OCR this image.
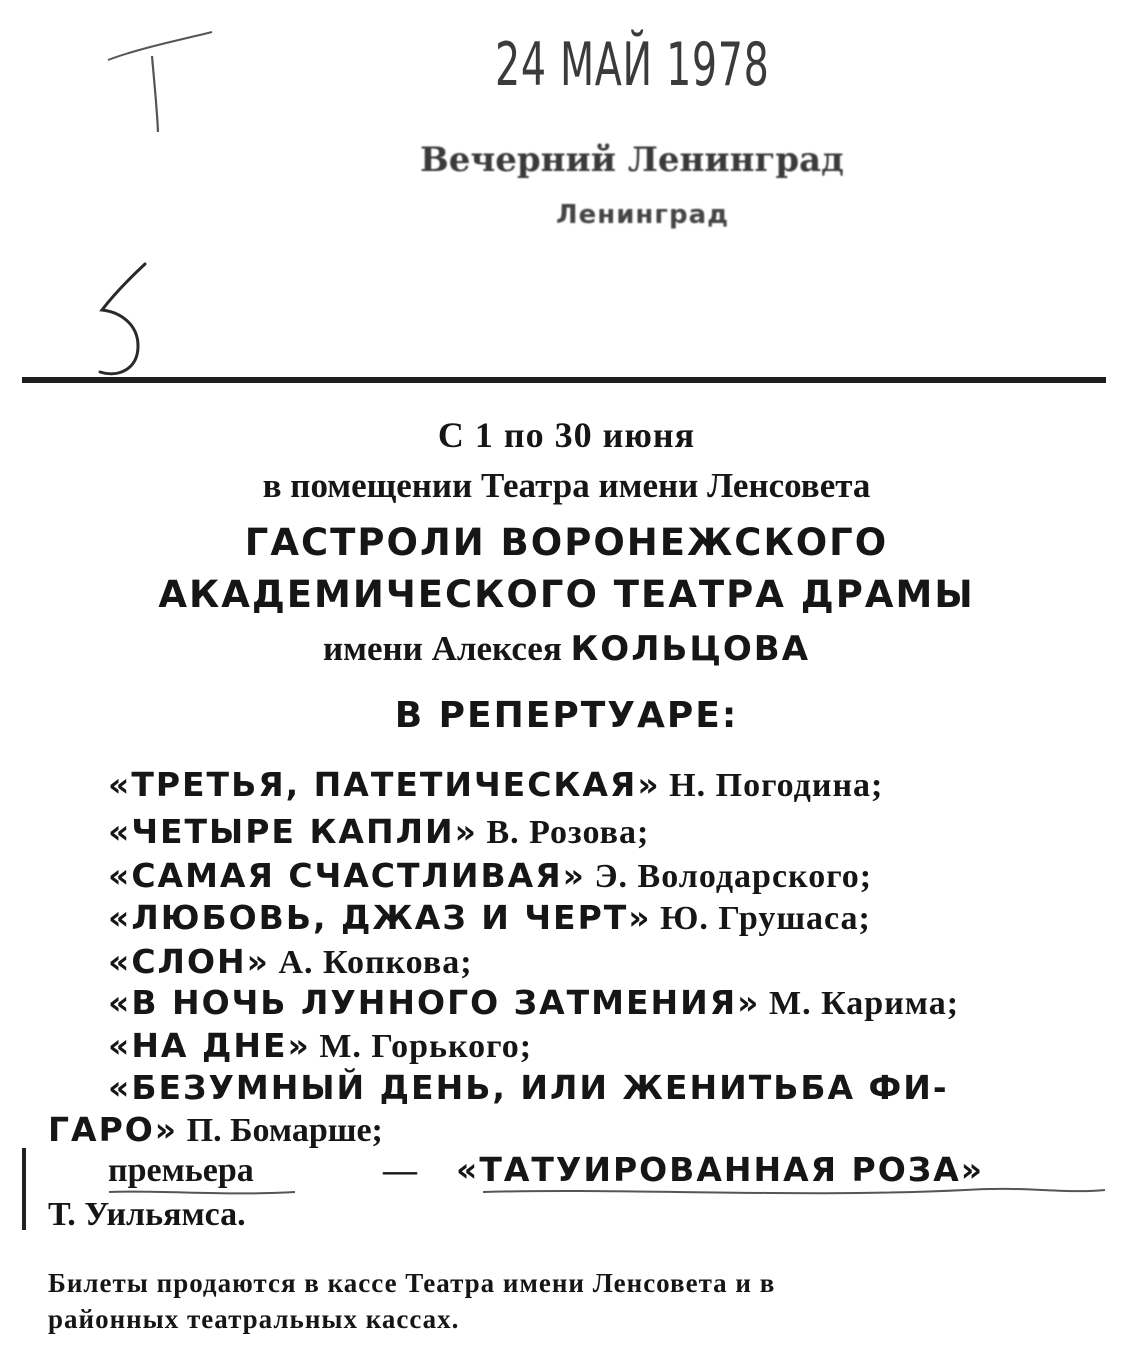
24 МАЙ 1978
Вечерний Ленинград
Ленинград
С 1 по 30 июня
в помещении Театра имени Ленсовета
ГАСТРОЛИ ВОРОНЕЖСКОГО
АКАДЕМИЧЕСКОГО ТЕАТРА ДРАМЫ
имени Алексея КОЛЬЦОВА
В РЕПЕРТУАРЕ:
«ТРЕТЬЯ, ПАТЕТИЧЕСКАЯ» Н. Погодина;
«ЧЕТЫРЕ КАПЛИ» В. Розова;
«САМАЯ СЧАСТЛИВАЯ» Э. Володарского;
«ЛЮБОВЬ, ДЖАЗ И ЧЕРТ» Ю. Грушаса;
«СЛОН» А. Копкова;
«В НОЧЬ ЛУННОГО ЗАТМЕНИЯ» М. Карима;
«НА ДНЕ» М. Горького;
«БЕЗУМНЫЙ ДЕНЬ, ИЛИ ЖЕНИТЬБА ФИ-
ГАРО» П. Бомарше;
премьера	— «ТАТУИРОВАННАЯ РОЗА»
Т. Уильямса.
Билеты продаются в кассе Театра имени Ленсовета и в
районных театральных кассах.
